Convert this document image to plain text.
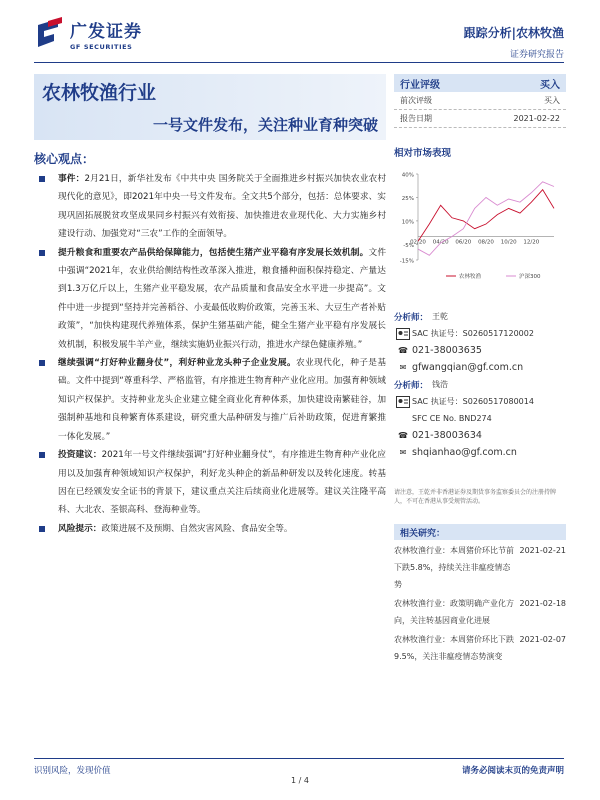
广发证券
GF SECURITIES
跟踪分析|农林牧渔
证券研究报告
农林牧渔行业
一号文件发布，关注种业育种突破
行业评级	买入
前次评级	买入
报告日期	2021-02-22
核心观点：
事件：2月21日，新华社发布《中共中央 国务院关于全面推进乡村振兴加快农业农村现代化的意见》，即2021年中央一号文件发布。全文共5个部分，包括：总体要求、实现巩固拓展脱贫攻坚成果同乡村振兴有效衔接、加快推进农业现代化、大力实施乡村建设行动、加强党对“三农”工作的全面领导。
提升粮食和重要农产品供给保障能力，包括使生猪产业平稳有序发展长效机制。文件中强调“2021年，农业供给侧结构性改革深入推进，粮食播种面积保持稳定、产量达到1.3万亿斤以上，生猪产业平稳发展，农产品质量和食品安全水平进一步提高”。文件中进一步提到“坚持并完善稻谷、小麦最低收购价政策，完善玉米、大豆生产者补贴政策”，“加快构建现代养殖体系，保护生猪基础产能，健全生猪产业平稳有序发展长效机制，积极发展牛羊产业，继续实施奶业振兴行动，推进水产绿色健康养殖。”
继续强调“打好种业翻身仗”，利好种业龙头种子企业发展。农业现代化，种子是基础。文件中提到“尊重科学、严格监管，有序推进生物育种产业化应用。加强育种领域知识产权保护。支持种业龙头企业建立健全商业化育种体系，加快建设南繁硅谷，加强制种基地和良种繁育体系建设，研究重大品种研发与推广后补助政策，促进育繁推一体化发展。”
投资建议：2021年一号文件继续强调“打好种业翻身仗”，有序推进生物育种产业化应用以及加强育种领域知识产权保护，利好龙头种企的新品种研发以及转化速度。转基因在已经颁发安全证书的背景下，建议重点关注后续商业化进展等。建议关注隆平高科、大北农、荃银高科、登海种业等。
风险提示：政策进展不及预期、自然灾害风险、食品安全等。
相对市场表现
40%
25%
10%
-5%
-15%
02/20 04/20 06/20 08/20 10/20 12/20
农林牧渔	沪深300
分析师： 王乾
SAC 执证号：S0260517120002
☎ 021-38003635
✉ gfwangqian@gf.com.cn
分析师： 钱浩
SAC 执证号：S0260517080014
SFC CE No. BND274
☎ 021-38003634
✉ shqianhao@gf.com.cn
请注意，王乾并非香港证券及期货事务监察委员会的注册持牌人，不可在香港从事受规管活动。
相关研究：
农林牧渔行业：本周猪价环比节前下跌5.8%，持续关注非瘟疫情态势
2021-02-21
农林牧渔行业：政策明确产业化方向，关注转基因商业化进展
2021-02-18
农林牧渔行业：本周猪价环比下跌9.5%，关注非瘟疫情态势演变
2021-02-07
识别风险，发现价值	请务必阅读末页的免责声明
1 / 4
